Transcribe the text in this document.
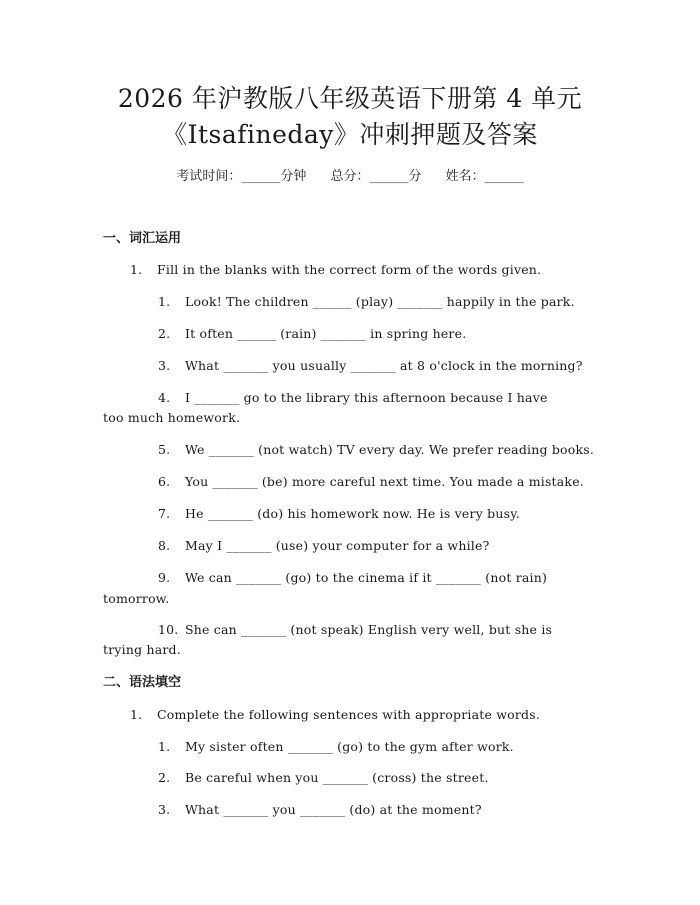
2026 年沪教版八年级英语下册第 4 单元
《Itsafineday》冲刺押题及答案
考试时间：______分钟 总分：______分 姓名：______
一、词汇运用
1. Fill in the blanks with the correct form of the words given.
1. Look! The children ______ (play) _______ happily in the park.
2. It often ______ (rain) _______ in spring here.
3. What _______ you usually _______ at 8 o'clock in the morning?
4. I _______ go to the library this afternoon because I have
too much homework.
5. We _______ (not watch) TV every day. We prefer reading books.
6. You _______ (be) more careful next time. You made a mistake.
7. He _______ (do) his homework now. He is very busy.
8. May I _______ (use) your computer for a while?
9. We can _______ (go) to the cinema if it _______ (not rain)
tomorrow.
10. She can _______ (not speak) English very well, but she is
trying hard.
二、语法填空
1. Complete the following sentences with appropriate words.
1. My sister often _______ (go) to the gym after work.
2. Be careful when you _______ (cross) the street.
3. What _______ you _______ (do) at the moment?
